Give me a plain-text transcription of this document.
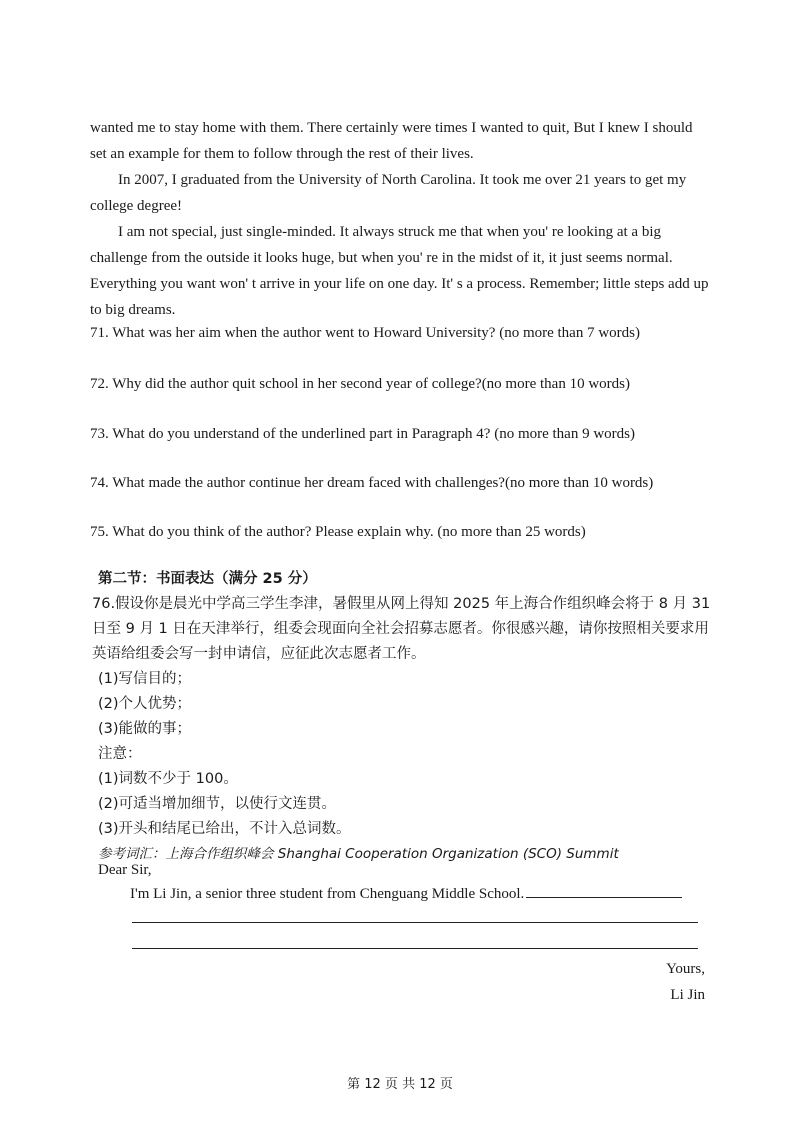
wanted me to stay home with them. There certainly were times I wanted to quit, But I knew I should set an example for them to follow through the rest of their lives.

In 2007, I graduated from the University of North Carolina. It took me over 21 years to get my college degree!

I am not special, just single-minded. It always struck me that when you' re looking at a big challenge from the outside it looks huge, but when you' re in the midst of it, it just seems normal. Everything you want won' t arrive in your life on one day. It' s a process. Remember; little steps add up to big dreams.

71. What was her aim when the author went to Howard University? (no more than 7 words)

72. Why did the author quit school in her second year of college?(no more than 10 words)

73. What do you understand of the underlined part in Paragraph 4? (no more than 9 words)

74. What made the author continue her dream faced with challenges?(no more than 10 words)

75. What do you think of the author? Please explain why. (no more than 25 words)

第二节：书面表达（满分 25 分）

76.假设你是晨光中学高三学生李津，暑假里从网上得知 2025 年上海合作组织峰会将于 8 月 31 日至 9 月 1 日在天津举行，组委会现面向全社会招募志愿者。你很感兴趣，请你按照相关要求用英语给组委会写一封申请信，应征此次志愿者工作。

(1)写信目的；

(2)个人优势；

(3)能做的事；

注意：

(1)词数不少于 100。

(2)可适当增加细节，以使行文连贯。

(3)开头和结尾已给出，不计入总词数。

参考词汇：上海合作组织峰会 Shanghai Cooperation Organization (SCO) Summit

Dear Sir,

I'm Li Jin, a senior three student from Chenguang Middle School.

Yours,

Li Jin

第 12 页 共 12 页
